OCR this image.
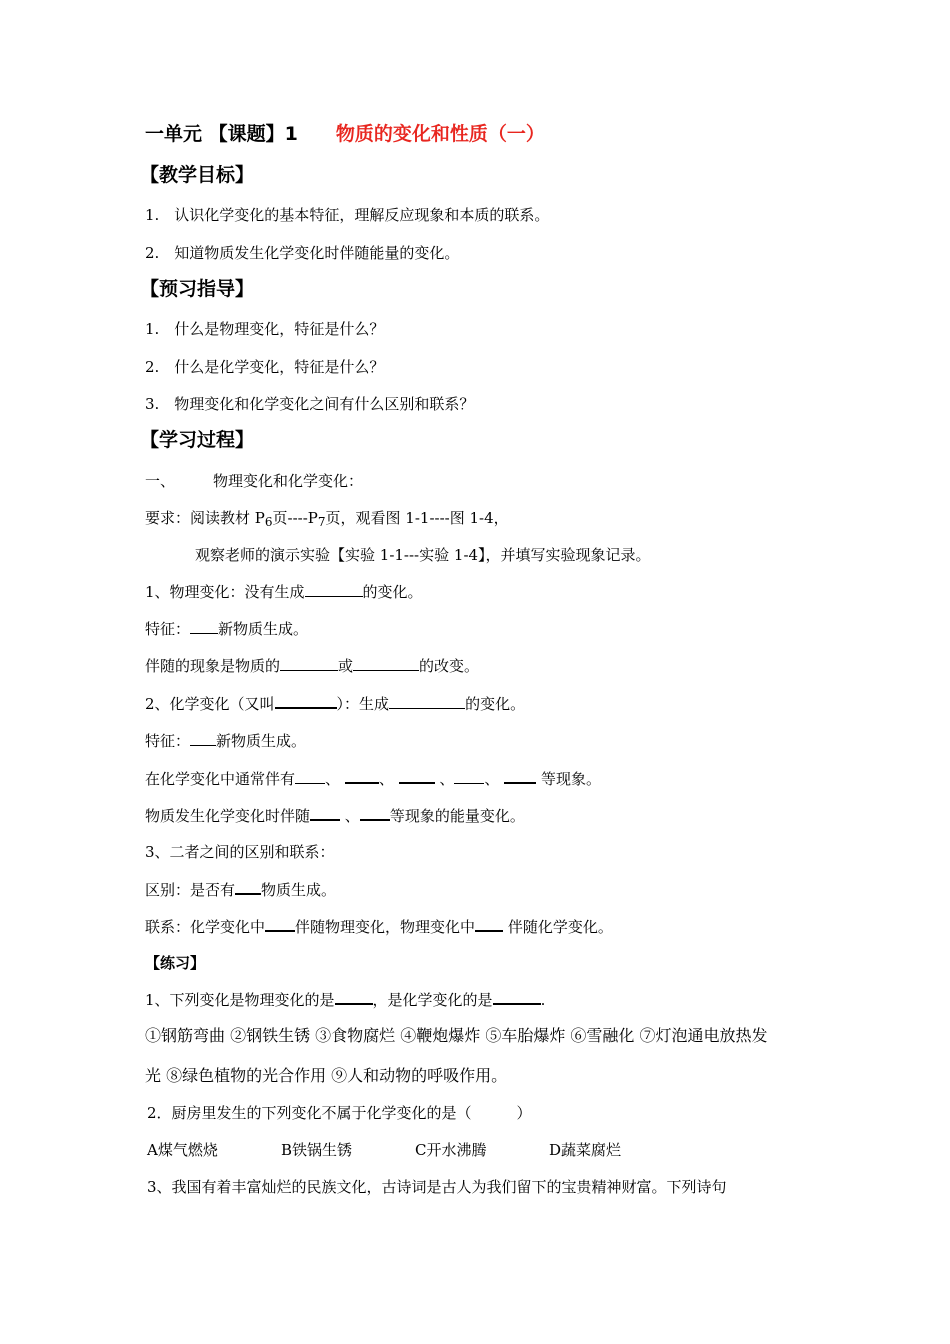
一单元 【课题】1 物质的变化和性质（一）
【教学目标】
1.　认识化学变化的基本特征，理解反应现象和本质的联系。
2.　知道物质发生化学变化时伴随能量的变化。
【预习指导】
1.　什么是物理变化，特征是什么？
2.　什么是化学变化，特征是什么？
3.　物理变化和化学变化之间有什么区别和联系？
【学习过程】
一、	物理变化和化学变化：
要求：阅读教材 $P_6$页$----P_7$页，观看图 1-1----图 1-4，
观察老师的演示实验【实验 1-1---实验 1-4】，并填写实验现象记录。
1、物理变化：没有生成	的变化。
特征： 新物质生成。
伴随的现象是物质的	或	的改变。
2、化学变化（又叫	）：生成	的变化。
特征： 新物质生成。
在化学变化中通常伴有 、	、	、 、	等现象。
物质发生化学变化时伴随 、 等现象的能量变化。
3、二者之间的区别和联系：
区别：是否有 物质生成。
联系：化学变化中 伴随物理变化，物理变化中 伴随化学变化。
【练习】
1、下列变化是物理变化的是	，是化学变化的是	.
①钢筋弯曲 ②钢铁生锈 ③食物腐烂 ④鞭炮爆炸 ⑤车胎爆炸 ⑥雪融化 ⑦灯泡通电放热发
光 ⑧绿色植物的光合作用 ⑨人和动物的呼吸作用。
2．厨房里发生的下列变化不属于化学变化的是（　　　）
A煤气燃烧	B铁锅生锈	C开水沸腾	D蔬菜腐烂
3、我国有着丰富灿烂的民族文化，古诗词是古人为我们留下的宝贵精神财富。下列诗句
